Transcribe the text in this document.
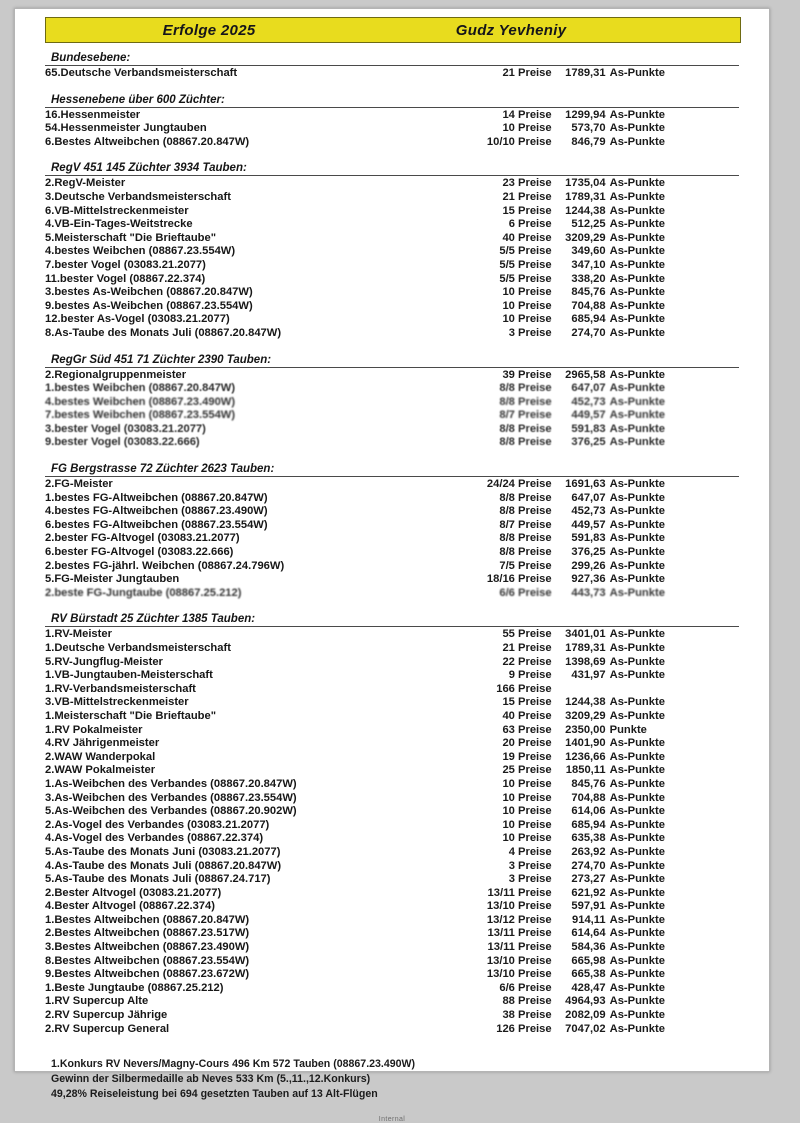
Erfolge 2025	Gudz Yevheniy
Bundesebene:
65.Deutsche Verbandsmeisterschaft	21 Preise	1789,31 As-Punkte
Hessenebene über 600 Züchter:
16.Hessenmeister	14 Preise	1299,94 As-Punkte
54.Hessenmeister Jungtauben	10 Preise	573,70 As-Punkte
6.Bestes Altweibchen (08867.20.847W)	10/10 Preise	846,79 As-Punkte
RegV 451 145 Züchter 3934 Tauben:
2.RegV-Meister	23 Preise	1735,04 As-Punkte
3.Deutsche Verbandsmeisterschaft	21 Preise	1789,31 As-Punkte
6.VB-Mittelstreckenmeister	15 Preise	1244,38 As-Punkte
4.VB-Ein-Tages-Weitstrecke	6 Preise	512,25 As-Punkte
5.Meisterschaft "Die Brieftaube"	40 Preise	3209,29 As-Punkte
4.bestes Weibchen (08867.23.554W)	5/5 Preise	349,60 As-Punkte
7.bester Vogel (03083.21.2077)	5/5 Preise	347,10 As-Punkte
11.bester Vogel (08867.22.374)	5/5 Preise	338,20 As-Punkte
3.bestes As-Weibchen (08867.20.847W)	10 Preise	845,76 As-Punkte
9.bestes As-Weibchen (08867.23.554W)	10 Preise	704,88 As-Punkte
12.bester As-Vogel (03083.21.2077)	10 Preise	685,94 As-Punkte
8.As-Taube des Monats Juli (08867.20.847W)	3 Preise	274,70 As-Punkte
RegGr Süd 451 71 Züchter 2390 Tauben:
2.Regionalgruppenmeister	39 Preise	2965,58 As-Punkte
1.bestes Weibchen (08867.20.847W)	8/8 Preise	647,07 As-Punkte
4.bestes Weibchen (08867.23.490W)	8/8 Preise	452,73 As-Punkte
7.bestes Weibchen (08867.23.554W)	8/7 Preise	449,57 As-Punkte
3.bester Vogel (03083.21.2077)	8/8 Preise	591,83 As-Punkte
9.bester Vogel (03083.22.666)	8/8 Preise	376,25 As-Punkte
FG Bergstrasse 72 Züchter 2623 Tauben:
2.FG-Meister	24/24 Preise	1691,63 As-Punkte
1.bestes FG-Altweibchen (08867.20.847W)	8/8 Preise	647,07 As-Punkte
4.bestes FG-Altweibchen (08867.23.490W)	8/8 Preise	452,73 As-Punkte
6.bestes FG-Altweibchen (08867.23.554W)	8/7 Preise	449,57 As-Punkte
2.bester FG-Altvogel (03083.21.2077)	8/8 Preise	591,83 As-Punkte
6.bester FG-Altvogel (03083.22.666)	8/8 Preise	376,25 As-Punkte
2.bestes FG-jährl. Weibchen (08867.24.796W)	7/5 Preise	299,26 As-Punkte
5.FG-Meister Jungtauben	18/16 Preise	927,36 As-Punkte
2.beste FG-Jungtaube (08867.25.212)	6/6 Preise	443,73 As-Punkte
RV Bürstadt 25 Züchter 1385 Tauben:
1.RV-Meister	55 Preise	3401,01 As-Punkte
1.Deutsche Verbandsmeisterschaft	21 Preise	1789,31 As-Punkte
5.RV-Jungflug-Meister	22 Preise	1398,69 As-Punkte
1.VB-Jungtauben-Meisterschaft	9 Preise	431,97 As-Punkte
1.RV-Verbandsmeisterschaft	166 Preise	
3.VB-Mittelstreckenmeister	15 Preise	1244,38 As-Punkte
1.Meisterschaft "Die Brieftaube"	40 Preise	3209,29 As-Punkte
1.RV Pokalmeister	63 Preise	2350,00 Punkte
4.RV Jährigenmeister	20 Preise	1401,90 As-Punkte
2.WAW Wanderpokal	19 Preise	1236,66 As-Punkte
2.WAW Pokalmeister	25 Preise	1850,11 As-Punkte
1.As-Weibchen des Verbandes (08867.20.847W)	10 Preise	845,76 As-Punkte
3.As-Weibchen des Verbandes (08867.23.554W)	10 Preise	704,88 As-Punkte
5.As-Weibchen des Verbandes (08867.20.902W)	10 Preise	614,06 As-Punkte
2.As-Vogel des Verbandes (03083.21.2077)	10 Preise	685,94 As-Punkte
4.As-Vogel des Verbandes (08867.22.374)	10 Preise	635,38 As-Punkte
5.As-Taube des Monats Juni (03083.21.2077)	4 Preise	263,92 As-Punkte
4.As-Taube des Monats Juli (08867.20.847W)	3 Preise	274,70 As-Punkte
5.As-Taube des Monats Juli (08867.24.717)	3 Preise	273,27 As-Punkte
2.Bester Altvogel (03083.21.2077)	13/11 Preise	621,92 As-Punkte
4.Bester Altvogel (08867.22.374)	13/10 Preise	597,91 As-Punkte
1.Bestes Altweibchen (08867.20.847W)	13/12 Preise	914,11 As-Punkte
2.Bestes Altweibchen (08867.23.517W)	13/11 Preise	614,64 As-Punkte
3.Bestes Altweibchen (08867.23.490W)	13/11 Preise	584,36 As-Punkte
8.Bestes Altweibchen (08867.23.554W)	13/10 Preise	665,98 As-Punkte
9.Bestes Altweibchen (08867.23.672W)	13/10 Preise	665,38 As-Punkte
1.Beste Jungtaube (08867.25.212)	6/6 Preise	428,47 As-Punkte
1.RV Supercup Alte	88 Preise	4964,93 As-Punkte
2.RV Supercup Jährige	38 Preise	2082,09 As-Punkte
2.RV Supercup General	126 Preise	7047,02 As-Punkte
1.Konkurs RV Nevers/Magny-Cours 496 Km 572 Tauben (08867.23.490W)
Gewinn der Silbermedaille ab Neves 533 Km (5.,11.,12.Konkurs)
49,28% Reiseleistung bei 694 gesetzten Tauben auf 13 Alt-Flügen
Internal
